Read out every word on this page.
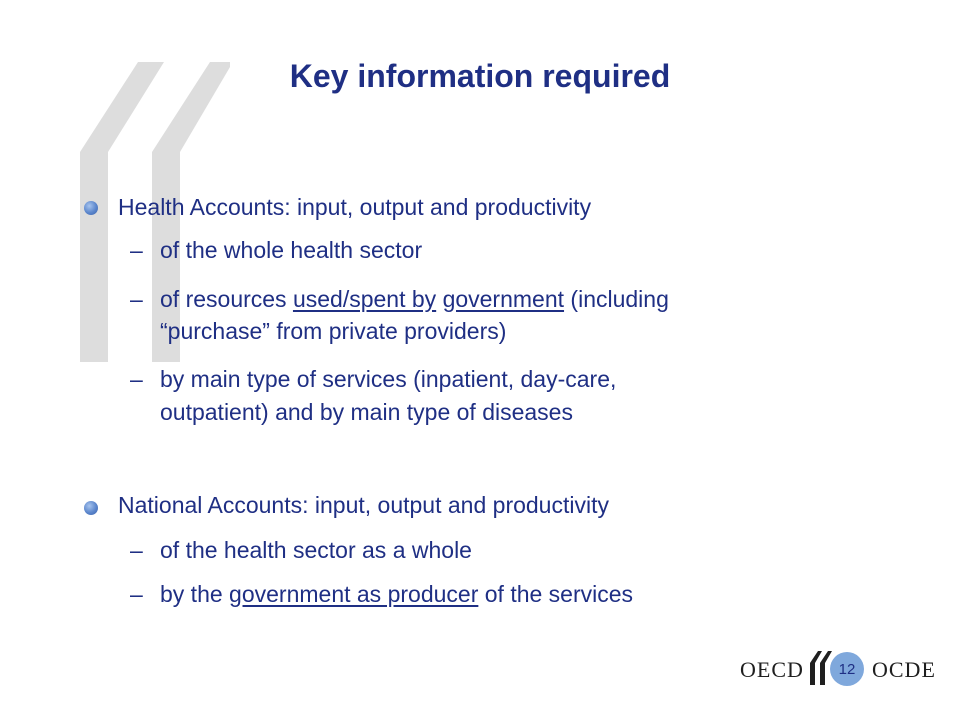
Key information required
Health Accounts: input, output and productivity
– of the whole health sector
– of resources used/spent by government (including
“purchase” from private providers)
– by main type of services (inpatient, day-care,
outpatient) and by main type of diseases
National Accounts: input, output and productivity
– of the health sector as a whole
– by the government as producer of the services
OECD	OCDE
12
